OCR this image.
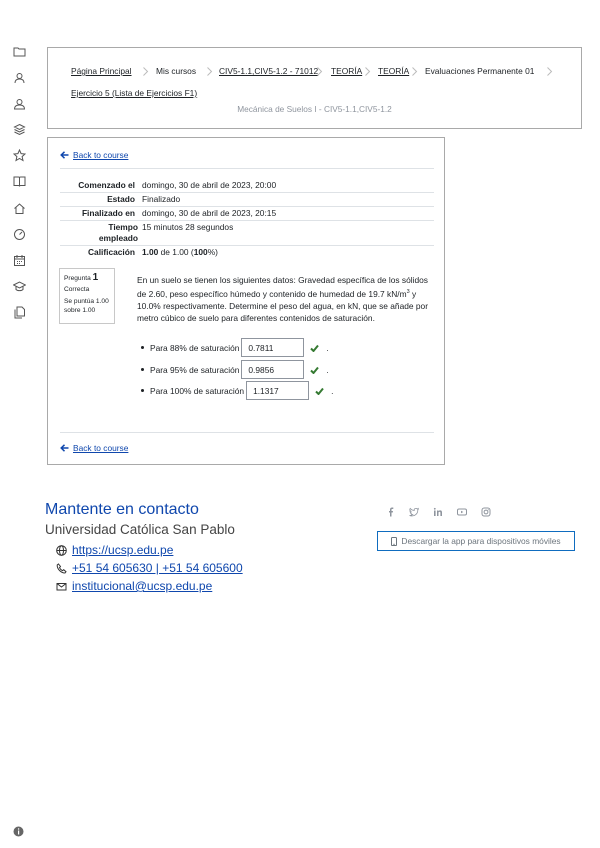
Página Principal	Mis cursos	CIV5-1.1,CIV5-1.2 - 71012 TEORÍA TEORÍA Evaluaciones Permanente 01
Ejercicio 5 (Lista de Ejercicios F1)
Mecánica de Suelos I - CIV5-1.1,CIV5-1.2
Back to course
Comenzado el domingo, 30 de abril de 2023, 20:00
Estado Finalizado
Finalizado en domingo, 30 de abril de 2023, 20:15
Tiempo empleado
15 minutos 28 segundos
Calificación 1.00 de 1.00 (100%)
Pregunta 1
Correcta
Se puntúa 1.00
sobre 1.00
En un suelo se tienen los siguientes datos: Gravedad específica de los sólidos de 2.60, peso específico húmedo y contenido de humedad de 19.7 $kN/m^3$ y 10.0% respectivamente. Determine el peso del agua, en kN, que se añade por metro cúbico de suelo para diferentes contenidos de saturación.
Para 88% de saturación	0.7811	.
Para 95% de saturación	0.9856	.
Para 100% de saturación	1.1317	.
Back to course
Mantente en contacto
Universidad Católica San Pablo
https://ucsp.edu.pe
+51 54 605630 | +51 54 605600
institucional@ucsp.edu.pe
Descargar la app para dispositivos móviles
